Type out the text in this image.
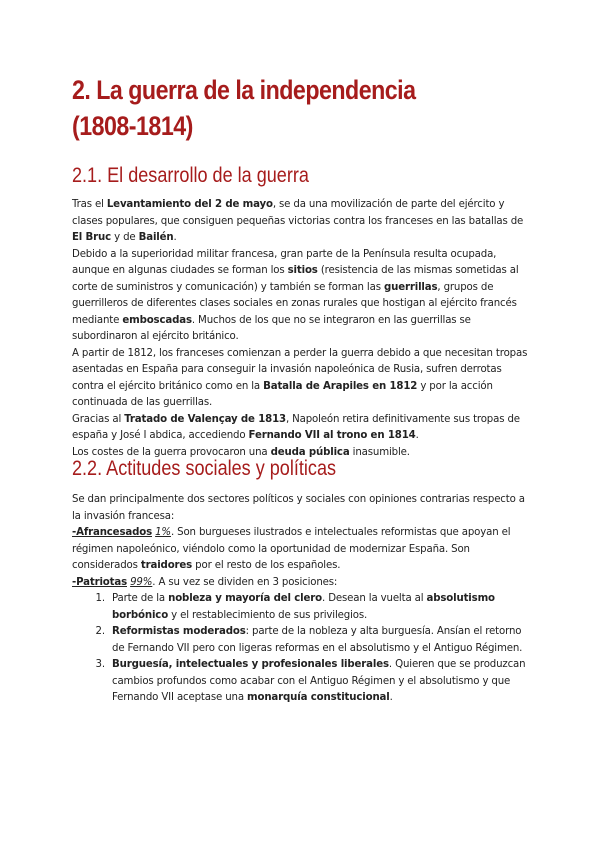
2. La guerra de la independencia
(1808-1814)
2.1. El desarrollo de la guerra

Tras el Levantamiento del 2 de mayo, se da una movilización de parte del ejército y clases populares, que consiguen pequeñas victorias contra los franceses en las batallas de El Bruc y de Bailén.

Debido a la superioridad militar francesa, gran parte de la Península resulta ocupada, aunque en algunas ciudades se forman los sitios (resistencia de las mismas sometidas al corte de suministros y comunicación) y también se forman las guerrillas, grupos de guerrilleros de diferentes clases sociales en zonas rurales que hostigan al ejército francés mediante emboscadas. Muchos de los que no se integraron en las guerrillas se subordinaron al ejército británico.

A partir de 1812, los franceses comienzan a perder la guerra debido a que necesitan tropas asentadas en España para conseguir la invasión napoleónica de Rusia, sufren derrotas contra el ejército británico como en la Batalla de Arapiles en 1812 y por la acción continuada de las guerrillas.

Gracias al Tratado de Valençay de 1813, Napoleón retira definitivamente sus tropas de españa y José I abdica, accediendo Fernando VII al trono en 1814.

Los costes de la guerra provocaron una deuda pública inasumible.

2.2. Actitudes sociales y políticas

Se dan principalmente dos sectores políticos y sociales con opiniones contrarias respecto a la invasión francesa:

-Afrancesados 1%. Son burgueses ilustrados e intelectuales reformistas que apoyan el régimen napoleónico, viéndolo como la oportunidad de modernizar España. Son considerados traidores por el resto de los españoles.

-Patriotas 99%. A su vez se dividen en 3 posiciones:

1. Parte de la nobleza y mayoría del clero. Desean la vuelta al absolutismo borbónico y el restablecimiento de sus privilegios.
2. Reformistas moderados: parte de la nobleza y alta burguesía. Ansían el retorno de Fernando VII pero con ligeras reformas en el absolutismo y el Antiguo Régimen.
3. Burguesía, intelectuales y profesionales liberales. Quieren que se produzcan cambios profundos como acabar con el Antiguo Régimen y el absolutismo y que Fernando VII aceptase una monarquía constitucional.
